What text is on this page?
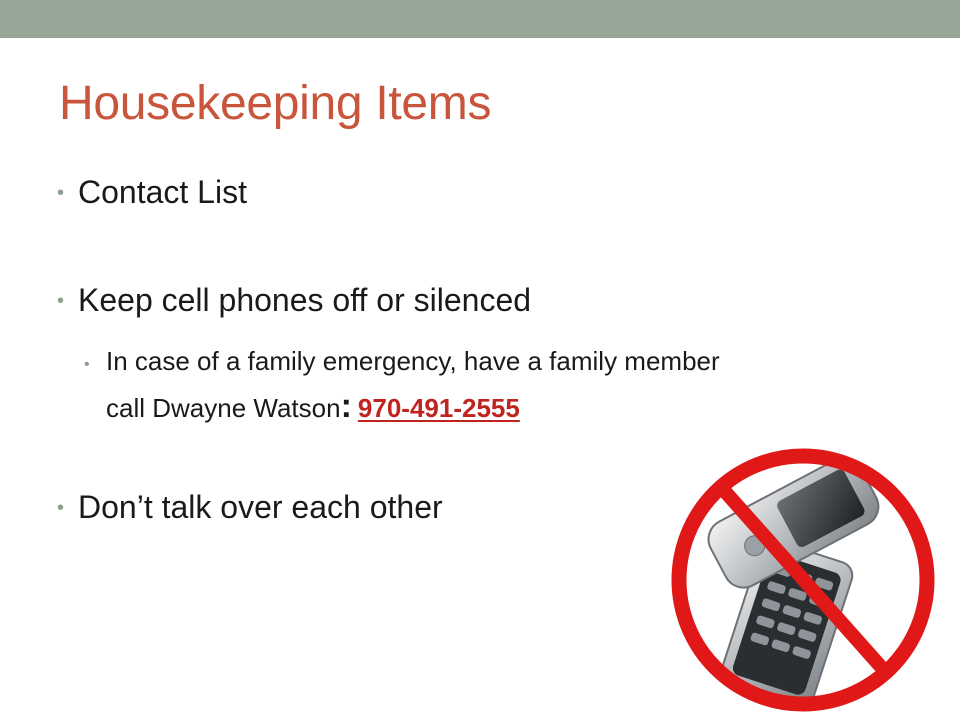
Housekeeping Items
• Contact List
• Keep cell phones off or silenced
• In case of a family emergency, have a family member
call Dwayne Watson: 970-491-2555
• Don’t talk over each other
